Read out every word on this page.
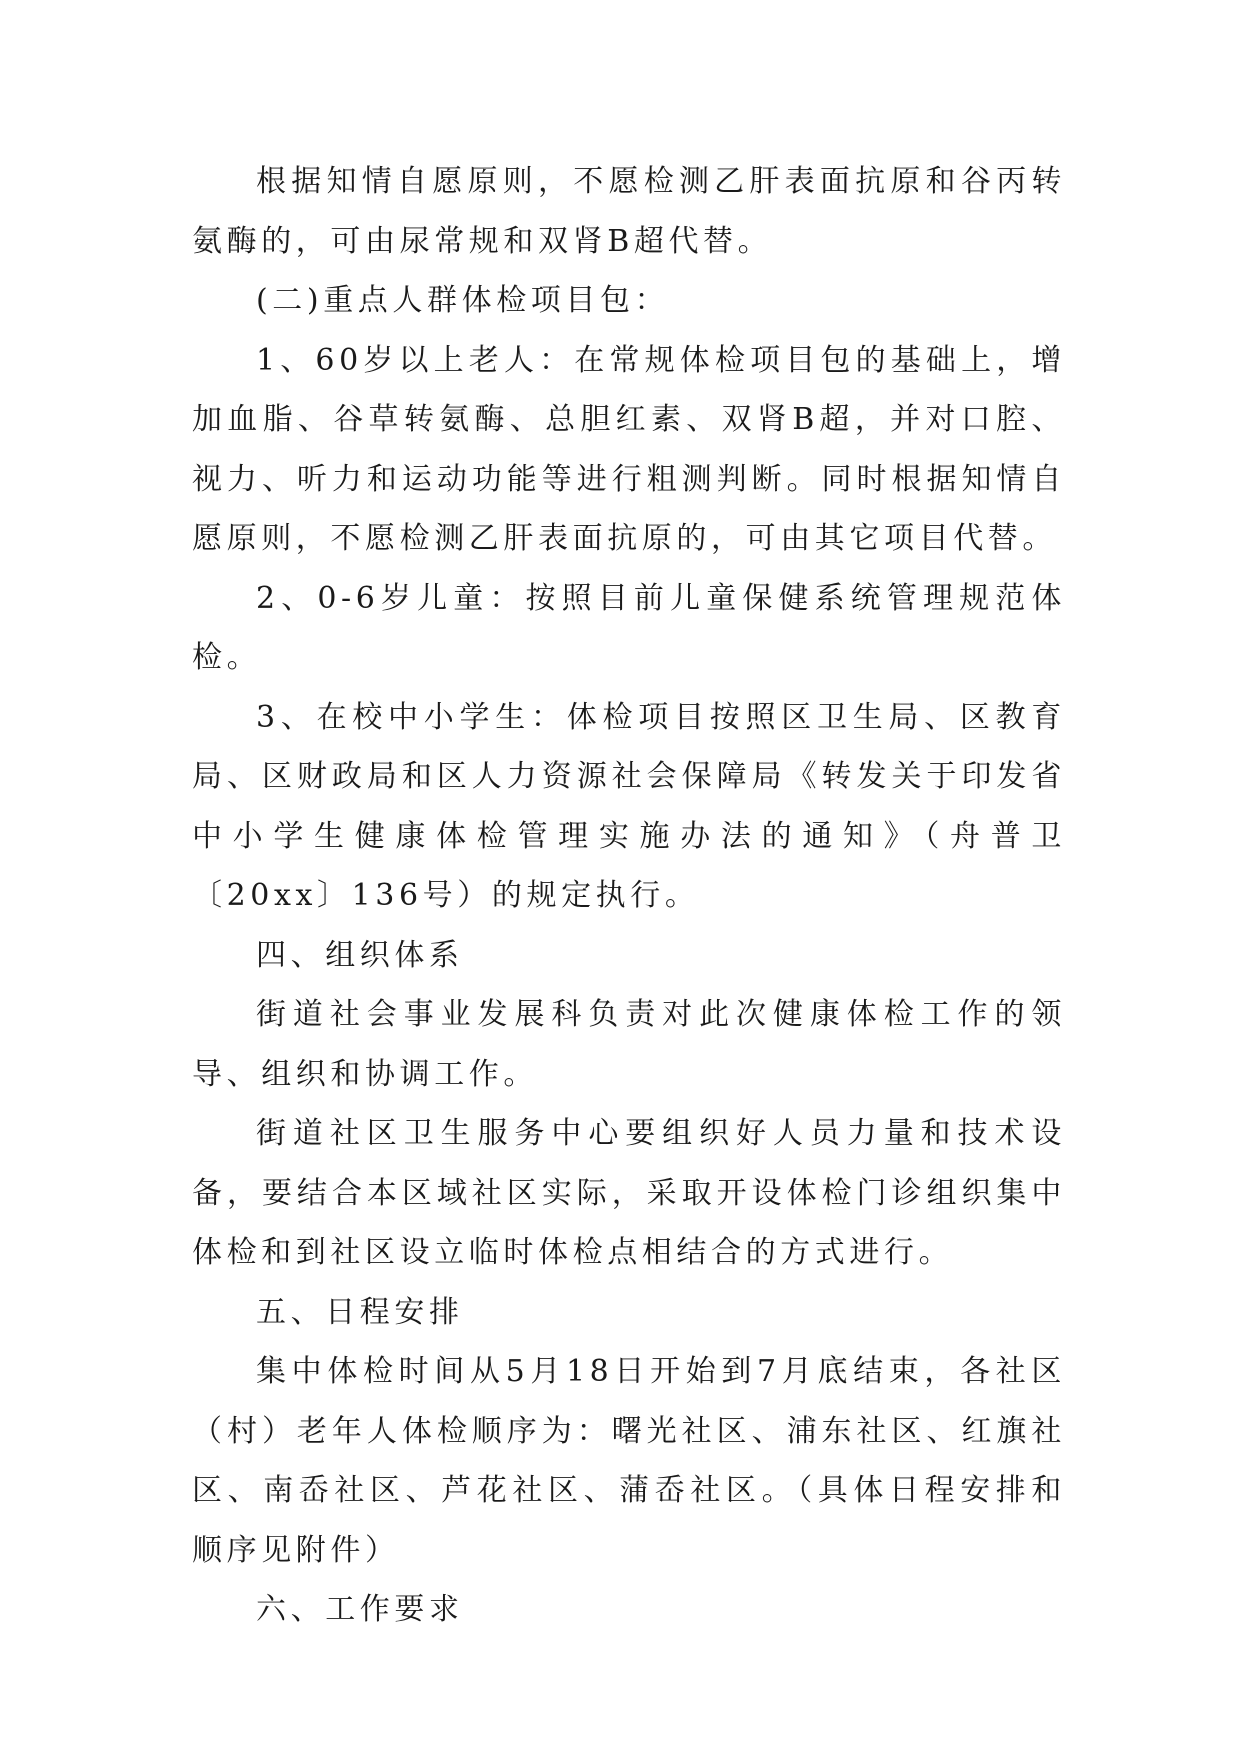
根据知情自愿原则，不愿检测乙肝表面抗原和谷丙转氨酶的，可由尿常规和双肾B超代替。

(二)重点人群体检项目包：

1、60岁以上老人：在常规体检项目包的基础上，增加血脂、谷草转氨酶、总胆红素、双肾B超，并对口腔、视力、听力和运动功能等进行粗测判断。同时根据知情自愿原则，不愿检测乙肝表面抗原的，可由其它项目代替。

2、0-6岁儿童：按照目前儿童保健系统管理规范体检。

3、在校中小学生：体检项目按照区卫生局、区教育局、区财政局和区人力资源社会保障局《转发关于印发省中小学生健康体检管理实施办法的通知》（舟普卫〔20xx〕136号）的规定执行。

四、组织体系

街道社会事业发展科负责对此次健康体检工作的领导、组织和协调工作。

街道社区卫生服务中心要组织好人员力量和技术设备，要结合本区域社区实际，采取开设体检门诊组织集中体检和到社区设立临时体检点相结合的方式进行。

五、日程安排

集中体检时间从5月18日开始到7月底结束，各社区（村）老年人体检顺序为：曙光社区、浦东社区、红旗社区、南岙社区、芦花社区、蒲岙社区。（具体日程安排和顺序见附件）

六、工作要求
